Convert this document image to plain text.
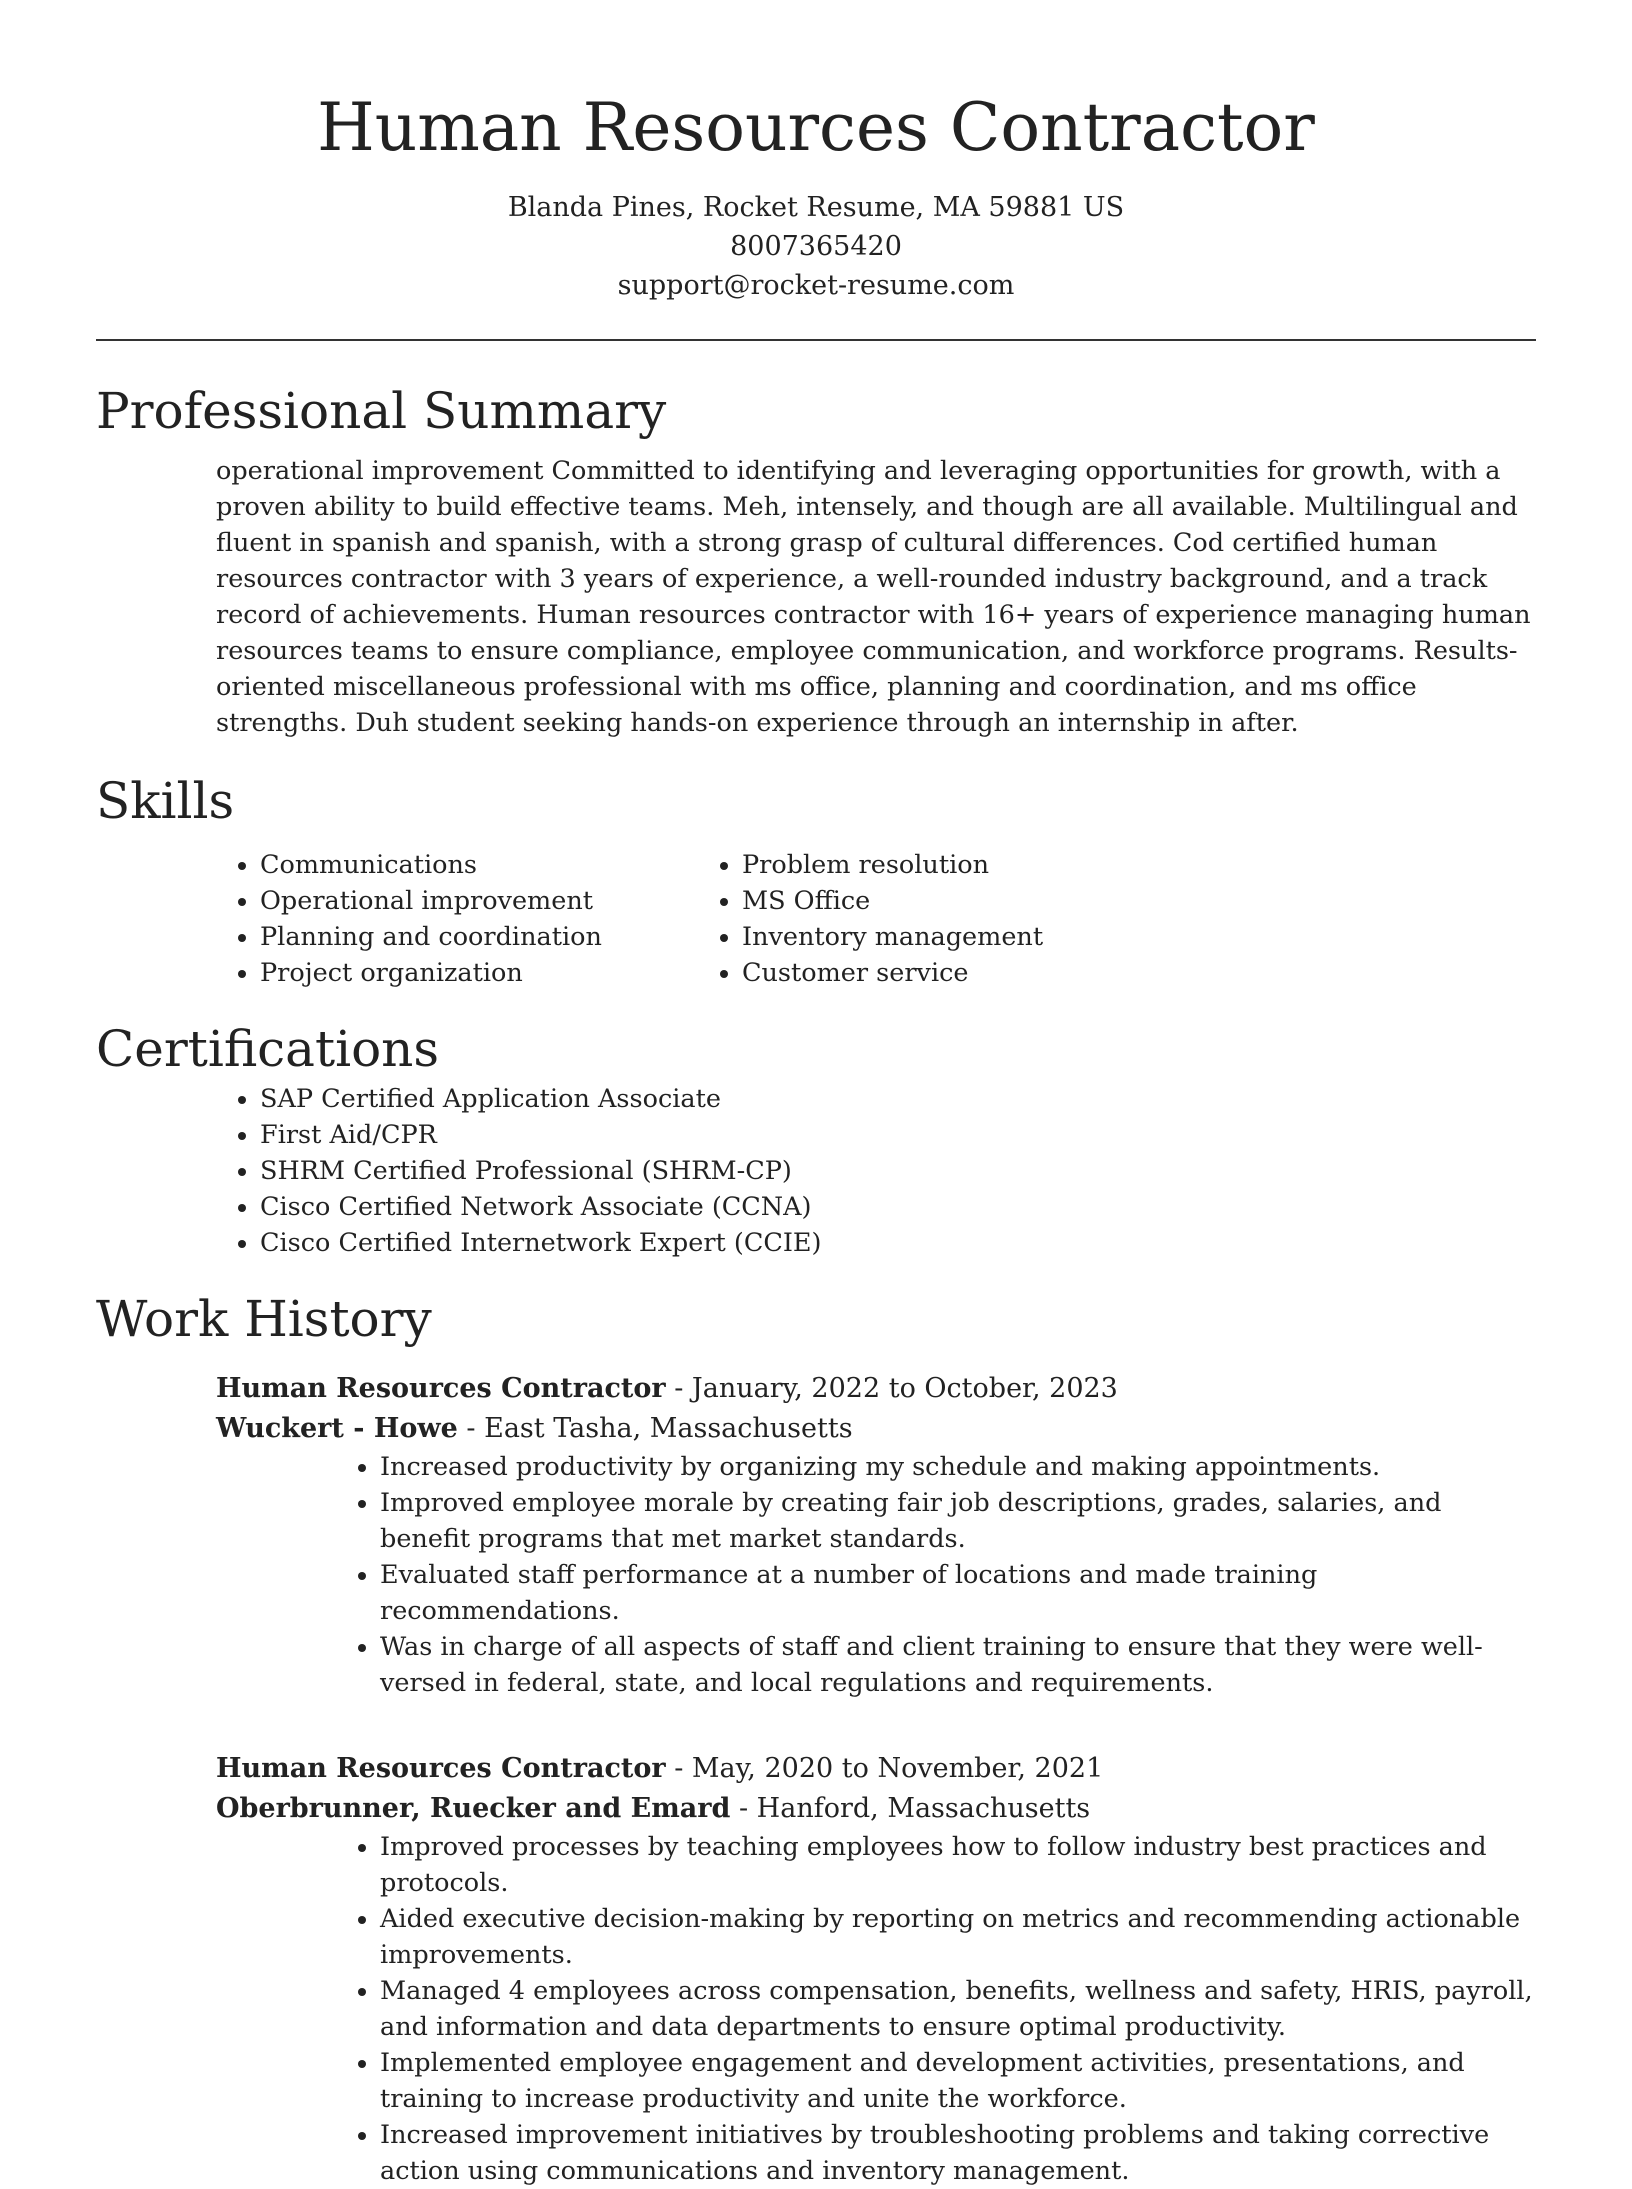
Human Resources Contractor
Blanda Pines, Rocket Resume, MA 59881 US
8007365420
support@rocket-resume.com
Professional Summary

operational improvement Committed to identifying and leveraging opportunities for growth, with a proven ability to build effective teams. Meh, intensely, and though are all available. Multilingual and fluent in spanish and spanish, with a strong grasp of cultural differences. Cod certified human resources contractor with 3 years of experience, a well-rounded industry background, and a track record of achievements. Human resources contractor with 16+ years of experience managing human resources teams to ensure compliance, employee communication, and workforce programs. Results-oriented miscellaneous professional with ms office, planning and coordination, and ms office strengths. Duh student seeking hands-on experience through an internship in after.

Skills
• Communications
• Operational improvement
• Planning and coordination
• Project organization
• Problem resolution
• MS Office
• Inventory management
• Customer service
Certifications
• SAP Certified Application Associate
• First Aid/CPR
• SHRM Certified Professional (SHRM-CP)
• Cisco Certified Network Associate (CCNA)
• Cisco Certified Internetwork Expert (CCIE)
Work History
Human Resources Contractor - January, 2022 to October, 2023
Wuckert - Howe - East Tasha, Massachusetts
• Increased productivity by organizing my schedule and making appointments.
• Improved employee morale by creating fair job descriptions, grades, salaries, and benefit programs that met market standards.
• Evaluated staff performance at a number of locations and made training recommendations.
• Was in charge of all aspects of staff and client training to ensure that they were well-versed in federal, state, and local regulations and requirements.
Human Resources Contractor - May, 2020 to November, 2021
Oberbrunner, Ruecker and Emard - Hanford, Massachusetts
• Improved processes by teaching employees how to follow industry best practices and protocols.
• Aided executive decision-making by reporting on metrics and recommending actionable improvements.
• Managed 4 employees across compensation, benefits, wellness and safety, HRIS, payroll, and information and data departments to ensure optimal productivity.
• Implemented employee engagement and development activities, presentations, and training to increase productivity and unite the workforce.
• Increased improvement initiatives by troubleshooting problems and taking corrective action using communications and inventory management.
